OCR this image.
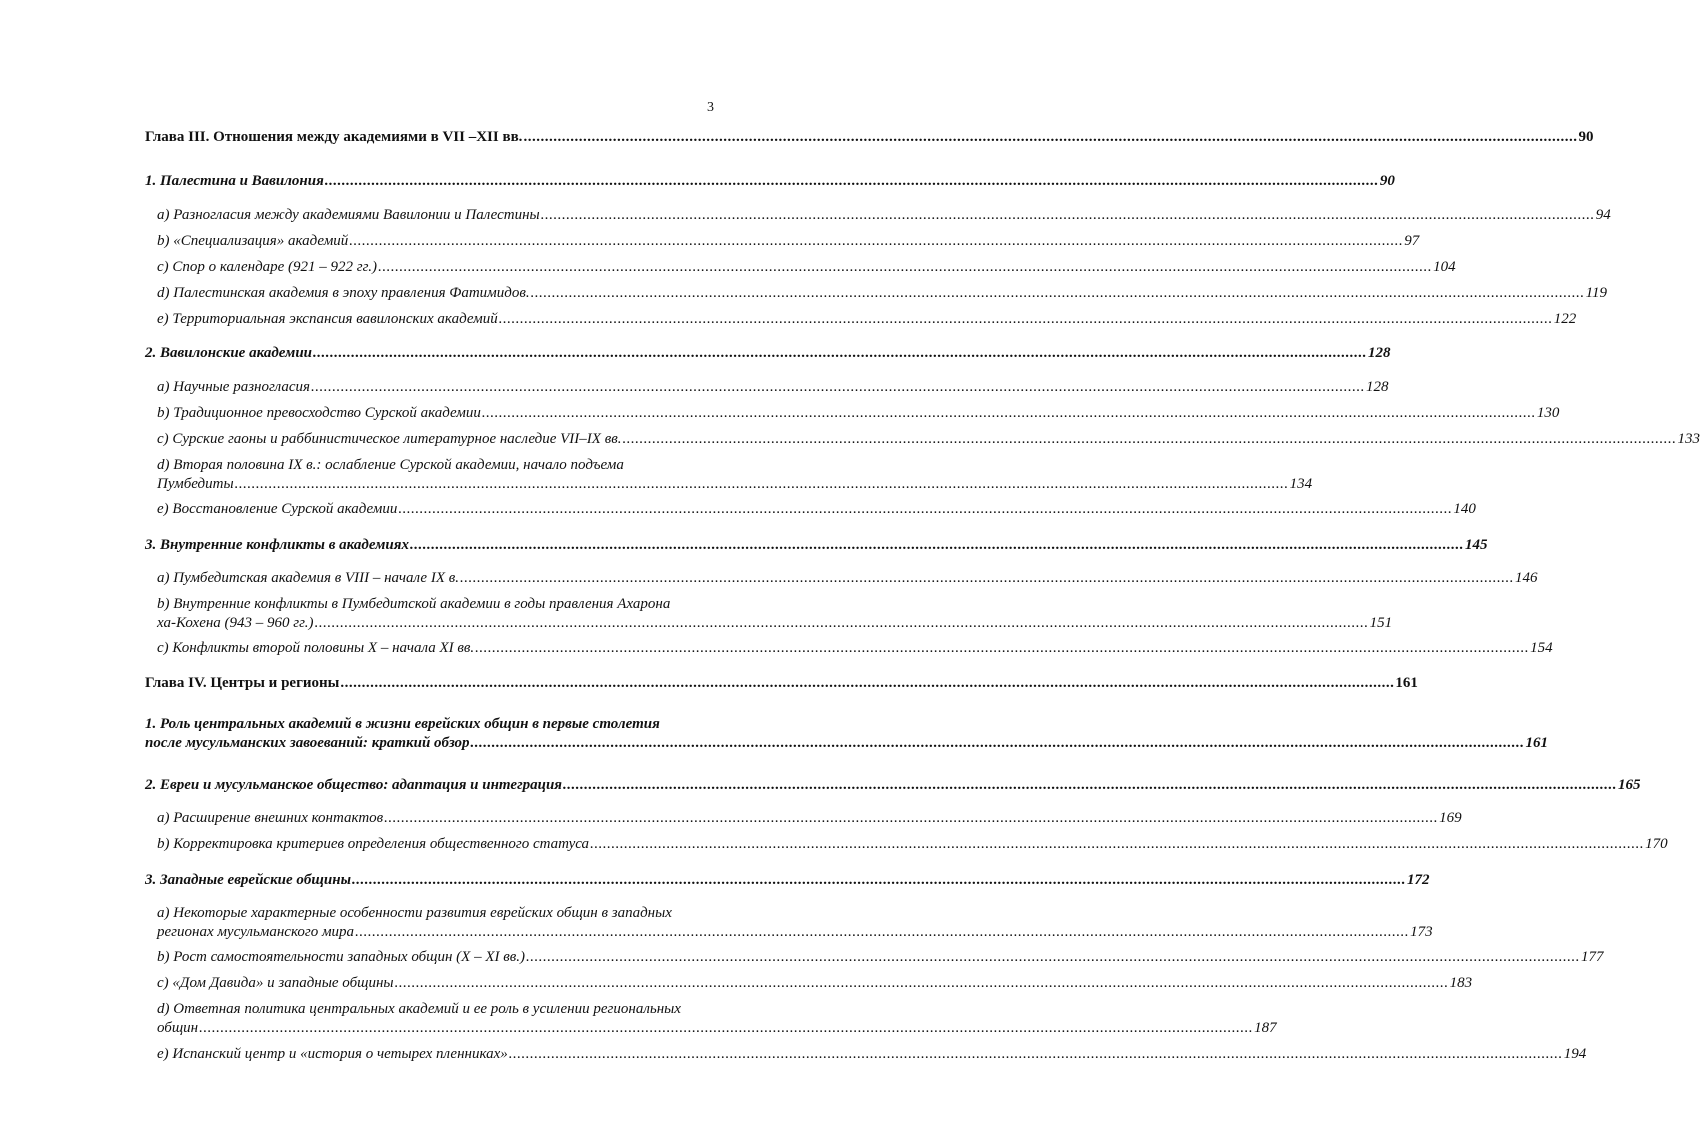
3
Глава III. Отношения между академиями в VII –XII вв. .....	90
1. Палестина и Вавилония .....	90
a) Разногласия между академиями Вавилонии и Палестины .....	94
b) «Специализация» академий .....	97
c) Спор о календаре (921 – 922 гг.) .....	104
d) Палестинская академия в эпоху правления Фатимидов. .....	119
e) Территориальная экспансия вавилонских академий .....	122
2. Вавилонские академии .....	128
a) Научные разногласия .....	128
b) Традиционное превосходство Сурской академии .....	130
c) Сурские гаоны и раббинистическое литературное наследие VII–IX вв. .....	133
d) Вторая половина IX в.: ослабление Сурской академии, начало подъема
Пумбедиты .....	134
e) Восстановление Сурской академии .....	140
3. Внутренние конфликты в академиях .....	145
a) Пумбедитская академия в VIII – начале IX в. .....	146
b) Внутренние конфликты в Пумбедитской академии в годы правления Ахарона
ха-Кохена (943 – 960 гг.) .....	151
c) Конфликты второй половины X – начала XI вв. .....	154
Глава IV. Центры и регионы .....	161
1. Роль центральных академий в жизни еврейских общин в первые столетия
после мусульманских завоеваний: краткий обзор .....	161
2. Евреи и мусульманское общество: адаптация и интеграция .....	165
a) Расширение внешних контактов .....	169
b) Корректировка критериев определения общественного статуса .....	170
3. Западные еврейские общины .....	172
a) Некоторые характерные особенности развития еврейских общин в западных
регионах мусульманского мира .....	173
b) Рост самостоятельности западных общин (X – XI вв.) .....	177
c) «Дом Давида» и западные общины .....	183
d) Ответная политика центральных академий и ее роль в усилении региональных
общин .....	187
e) Испанский центр и «история о четырех пленниках» .....	194
